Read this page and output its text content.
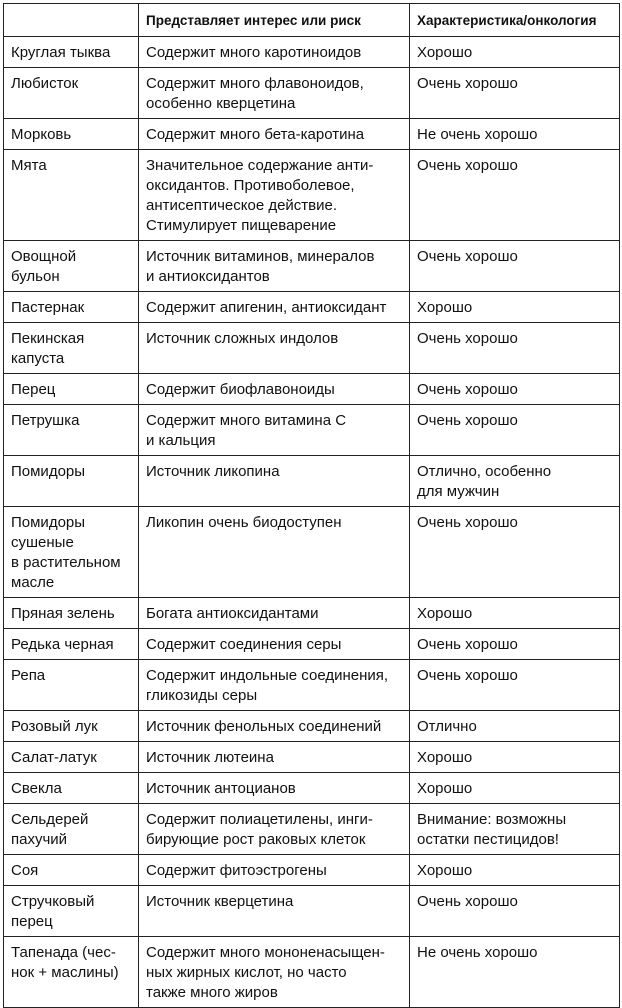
	Представляет интерес или риск	Характеристика/онкология

Круглая тыква	Содержит много каротиноидов	Хорошо

Любисток	Содержит много флавоноидов,
особенно кверцетина	Очень хорошо

Морковь	Содержит много бета-каротина	Не очень хорошо

Мята	Значительное содержание анти-
оксидантов. Противоболевое,
антисептическое действие.
Стимулирует пищеварение	Очень хорошо

Овощной
бульон	Источник витаминов, минералов
и антиоксидантов	Очень хорошо

Пастернак	Содержит апигенин, антиоксидант	Хорошо

Пекинская
капуста	Источник сложных индолов	Очень хорошо

Перец	Содержит биофлавоноиды	Очень хорошо

Петрушка	Содержит много витамина С
и кальция	Очень хорошо

Помидоры	Источник ликопина	Отлично, особенно
для мужчин

Помидоры
сушеные
в растительном
масле	Ликопин очень биодоступен	Очень хорошо

Пряная зелень	Богата антиоксидантами	Хорошо

Редька черная	Содержит соединения серы	Очень хорошо

Репа	Содержит индольные соединения,
гликозиды серы	Очень хорошо

Розовый лук	Источник фенольных соединений	Отлично

Салат-латук	Источник лютеина	Хорошо

Свекла	Источник антоцианов	Хорошо

Сельдерей
пахучий	Содержит полиацетилены, инги-
бирующие рост раковых клеток	Внимание: возможны
остатки пестицидов!

Соя	Содержит фитоэстрогены	Хорошо

Стручковый
перец	Источник кверцетина	Очень хорошо

Тапенада (чес-
нок + маслины)	Содержит много мононенасыщен-
ных жирных кислот, но часто
также много жиров	Не очень хорошо
